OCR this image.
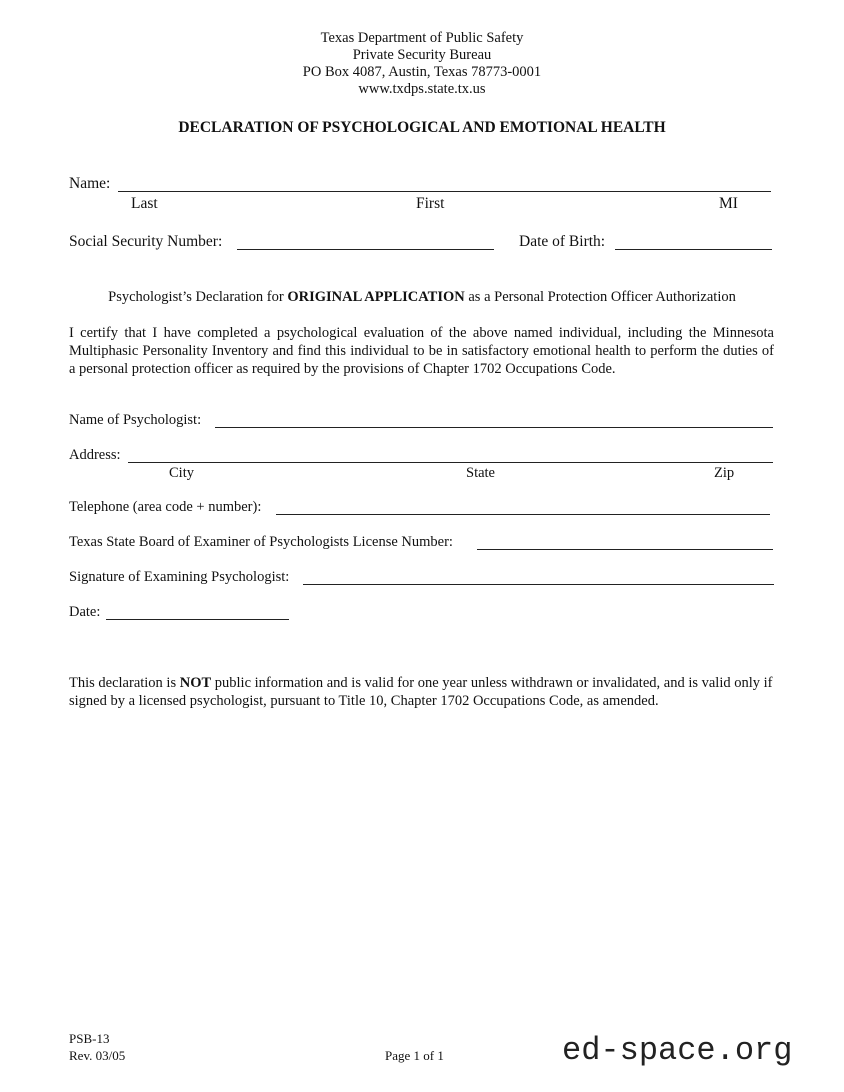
Texas Department of Public Safety
Private Security Bureau
PO Box 4087, Austin, Texas 78773-0001
www.txdps.state.tx.us
DECLARATION OF PSYCHOLOGICAL AND EMOTIONAL HEALTH
Name:
Last	First	MI
Social Security Number:	Date of Birth:
Psychologist’s Declaration for ORIGINAL APPLICATION as a Personal Protection Officer Authorization
I certify that I have completed a psychological evaluation of the above named individual, including the Minnesota Multiphasic Personality Inventory and find this individual to be in satisfactory emotional health to perform the duties of a personal protection officer as required by the provisions of Chapter 1702 Occupations Code.
Name of Psychologist:
Address:
City	State	Zip
Telephone (area code + number):
Texas State Board of Examiner of Psychologists License Number:
Signature of Examining Psychologist:
Date:
This declaration is NOT public information and is valid for one year unless withdrawn or invalidated, and is valid only if signed by a licensed psychologist, pursuant to Title 10, Chapter 1702 Occupations Code, as amended.
PSB-13
Rev. 03/05	Page 1 of 1	ed-space.org
